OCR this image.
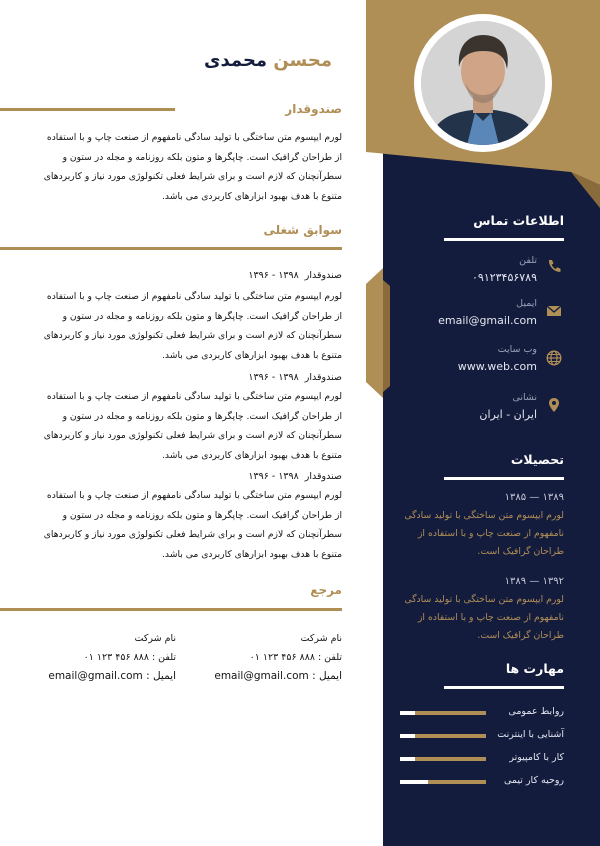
اطلاعات تماس
تلفن
۰۹۱۲۳۴۵۶۷۸۹
ایمیل
email@gmail.com
وب سایت
www.web.com
نشانی
ایران - ایران
تحصیلات
۱۳۸۹ — ۱۳۸۵
لورم ایپسوم متن ساختگی با تولید سادگی نامفهوم از صنعت چاپ و با استفاده از طراحان گرافیک است.
۱۳۹۲ — ۱۳۸۹
لورم ایپسوم متن ساختگی با تولید سادگی نامفهوم از صنعت چاپ و با استفاده از طراحان گرافیک است.
مهارت ها
روابط عمومی
آشنایی با اینترنت
کار با کامپیوتر
روحیه کار تیمی
محسن محمدی
صندوقدار
لورم ایپسوم متن ساختگی با تولید سادگی نامفهوم از صنعت چاپ و با استفاده از طراحان گرافیک است. چاپگرها و متون بلکه روزنامه و مجله در ستون و سطرآنچنان که لازم است و برای شرایط فعلی تکنولوژی مورد نیاز و کاربردهای متنوع با هدف بهبود ابزارهای کاربردی می باشد.
سوابق شغلی
صندوقدار۱۳۹۸ - ۱۳۹۶
لورم ایپسوم متن ساختگی با تولید سادگی نامفهوم از صنعت چاپ و با استفاده از طراحان گرافیک است. چاپگرها و متون بلکه روزنامه و مجله در ستون و سطرآنچنان که لازم است و برای شرایط فعلی تکنولوژی مورد نیاز و کاربردهای متنوع با هدف بهبود ابزارهای کاربردی می باشد.
صندوقدار۱۳۹۸ - ۱۳۹۶
لورم ایپسوم متن ساختگی با تولید سادگی نامفهوم از صنعت چاپ و با استفاده از طراحان گرافیک است. چاپگرها و متون بلکه روزنامه و مجله در ستون و سطرآنچنان که لازم است و برای شرایط فعلی تکنولوژی مورد نیاز و کاربردهای متنوع با هدف بهبود ابزارهای کاربردی می باشد.
صندوقدار۱۳۹۸ - ۱۳۹۶
لورم ایپسوم متن ساختگی با تولید سادگی نامفهوم از صنعت چاپ و با استفاده از طراحان گرافیک است. چاپگرها و متون بلکه روزنامه و مجله در ستون و سطرآنچنان که لازم است و برای شرایط فعلی تکنولوژی مورد نیاز و کاربردهای متنوع با هدف بهبود ابزارهای کاربردی می باشد.
مرجع
نام شرکت
تلفن : ۸۸۸ ۴۵۶ ۱۲۳ ۰۱
ایمیل : email@gmail.com
نام شرکت
تلفن : ۸۸۸ ۴۵۶ ۱۲۳ ۰۱
ایمیل : email@gmail.com
